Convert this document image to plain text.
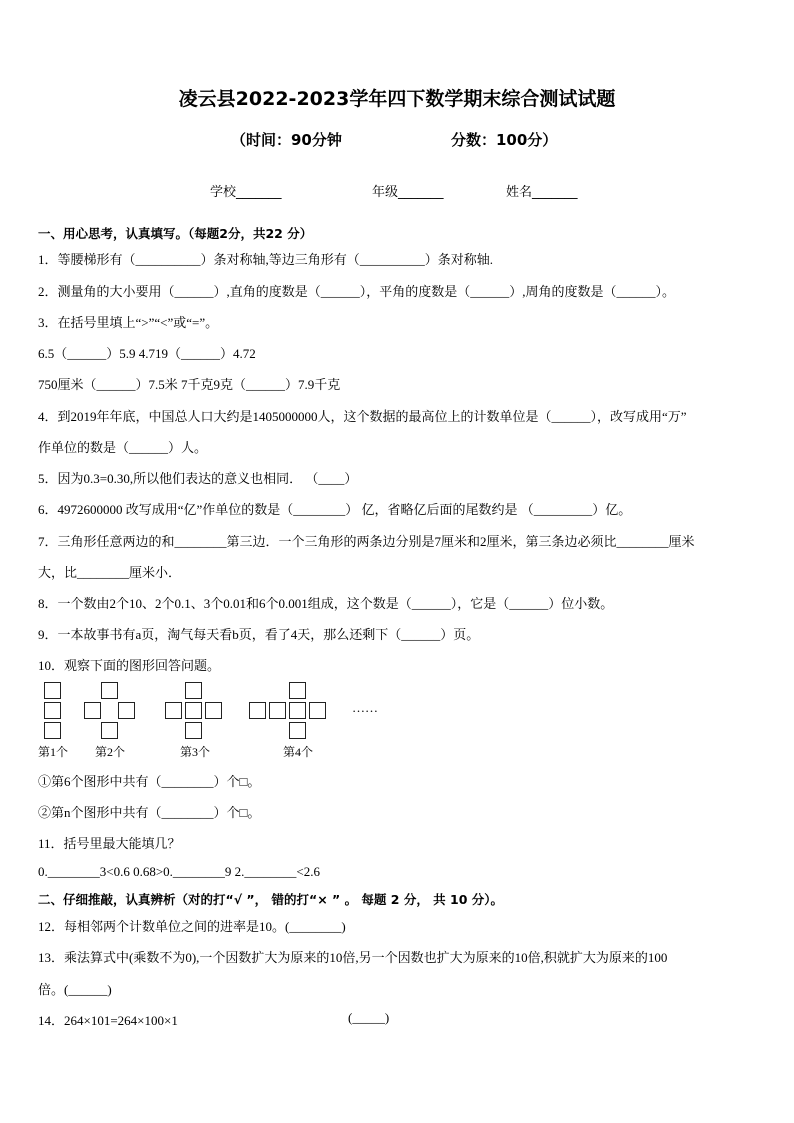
凌云县2022-2023学年四下数学期末综合测试试题
（时间：90分钟	分数：100分）
学校_______	年级_______	姓名_______
一、用心思考，认真填写。（每题2分，共22 分）
1．等腰梯形有（__________）条对称轴,等边三角形有（__________）条对称轴.
2．测量角的大小要用（______）,直角的度数是（______），平角的度数是（______）,周角的度数是（______）。
3．在括号里填上“>”“<”或“=”。
6.5（______）5.9 4.719（______）4.72
750厘米（______）7.5米 7千克9克（______）7.9千克
4．到2019年年底，中国总人口大约是1405000000人，这个数据的最高位上的计数单位是（______），改写成用“万”
作单位的数是（______）人。
5．因为0.3=0.30,所以他们表达的意义也相同． （____）
6．4972600000 改写成用“亿”作单位的数是（________） 亿，省略亿后面的尾数约是 （_________）亿。
7．三角形任意两边的和________第三边．一个三角形的两条边分别是7厘米和2厘米，第三条边必须比________厘米
大，比________厘米小．
8．一个数由2个10、2个0.1、3个0.01和6个0.001组成，这个数是（______），它是（______）位小数。
9．一本故事书有a页，淘气每天看b页，看了4天，那么还剩下（______）页。
10．观察下面的图形回答问题。
……
第1个 第2个	第3个	第4个
①第6个图形中共有（________）个□。
②第n个图形中共有（________）个□。
11．括号里最大能填几？
0.________3<0.6 0.68>0.________9 2.________<2.6
二、仔细推敲，认真辨析（对的打“√ ”， 错的打“× ” 。 每题 2 分， 共 10 分）。
12．每相邻两个计数单位之间的进率是10。(________)
13．乘法算式中(乘数不为0),一个因数扩大为原来的10倍,另一个因数也扩大为原来的10倍,积就扩大为原来的100
倍。(______)
14．264×101=264×100×1	(_____)
